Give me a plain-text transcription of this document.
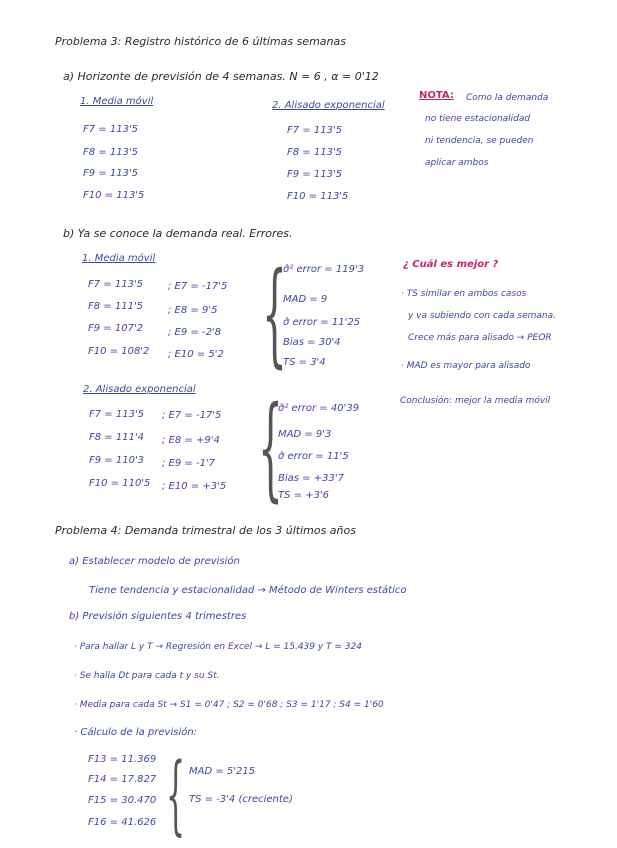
Problema 3: Registro histórico de 6 últimas semanas
a) Horizonte de previsión de 4 semanas. N = 6 , α = 0'12
1. Media móvil
F7 = 113'5
F8 = 113'5
F9 = 113'5
F10 = 113'5
2. Alisado exponencial
F7 = 113'5
F8 = 113'5
F9 = 113'5
F10 = 113'5
NOTA: Como la demanda
no tiene estacionalidad
ni tendencia, se pueden
aplicar ambos
b) Ya se conoce la demanda real. Errores.
1. Media móvil
F7 = 113'5 ; E7 = -17'5
F8 = 111'5 ; E8 = 9'5
F9 = 107'2 ; E9 = -2'8
F10 = 108'2 ; E10 = 5'2 {
σ̂² error = 119'3
MAD = 9
σ̂ error = 11'25
Bias = 30'4
TS = 3'4
¿ Cuál es mejor ?
· TS similar en ambos casos
y va subiendo con cada semana.
Crece más para alisado → PEOR
· MAD es mayor para alisado
Conclusión: mejor la media móvil
2. Alisado exponencial
F7 = 113'5 ; E7 = -17'5
F8 = 111'4 ; E8 = +9'4
F9 = 110'3 ; E9 = -1'7
F10 = 110'5 ; E10 = +3'5 {
σ̂² error = 40'39
MAD = 9'3
σ̂ error = 11'5
Bias = +33'7
TS = +3'6
Problema 4: Demanda trimestral de los 3 últimos años
a) Establecer modelo de previsión
Tiene tendencia y estacionalidad → Método de Winters estático
b) Previsión siguientes 4 trimestres
· Para hallar L y T → Regresión en Excel → L = 15.439 y T = 324
· Se halla Dt para cada t y su St.
· Media para cada St → S1 = 0'47 ; S2 = 0'68 ; S3 = 1'17 ; S4 = 1'60
· Cálculo de la previsión:
F13 = 11.369
F14 = 17.827
F15 = 30.470
F16 = 41.626 { MAD = 5'215
TS = -3'4 (creciente)
